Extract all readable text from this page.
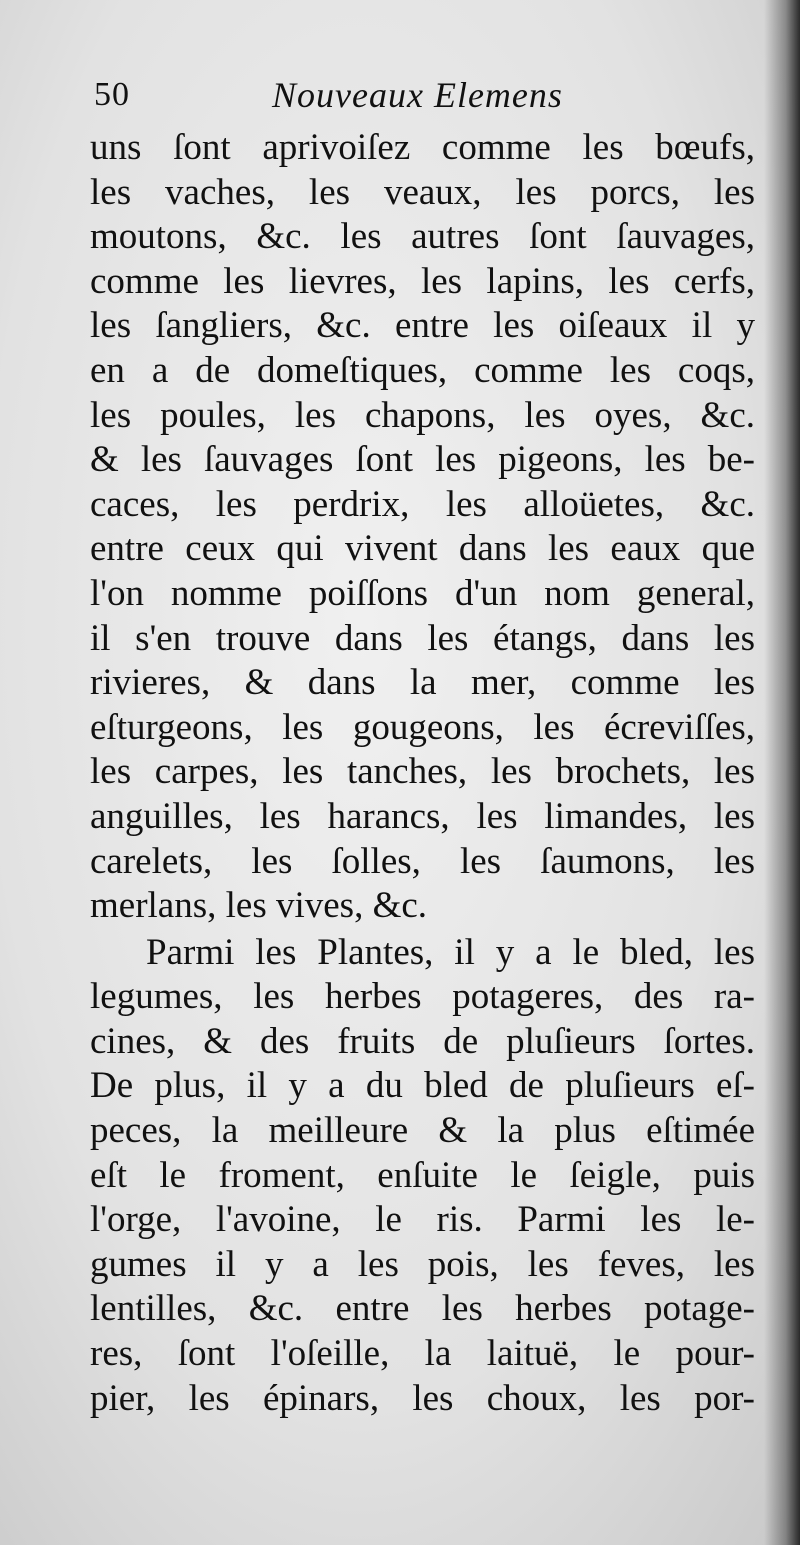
50	Nouveaux Elemens
uns ſont aprivoiſez comme les bœufs,
les vaches, les veaux, les porcs, les
moutons, &c. les autres ſont ſauvages,
comme les lievres, les lapins, les cerfs,
les ſangliers, &c. entre les oiſeaux il y
en a de domeſtiques, comme les coqs,
les poules, les chapons, les oyes, &c.
& les ſauvages ſont les pigeons, les be-
caces, les perdrix, les alloüetes, &c.
entre ceux qui vivent dans les eaux que
l'on nomme poiſſons d'un nom general,
il s'en trouve dans les étangs, dans les
rivieres, & dans la mer, comme les
eſturgeons, les gougeons, les écreviſſes,
les carpes, les tanches, les brochets, les
anguilles, les harancs, les limandes, les
carelets, les ſolles, les ſaumons, les
merlans, les vives, &c.
Parmi les Plantes, il y a le bled, les
legumes, les herbes potageres, des ra-
cines, & des fruits de pluſieurs ſortes.
De plus, il y a du bled de pluſieurs eſ-
peces, la meilleure & la plus eſtimée
eſt le froment, enſuite le ſeigle, puis
l'orge, l'avoine, le ris. Parmi les le-
gumes il y a les pois, les feves, les
lentilles, &c. entre les herbes potage-
res, ſont l'oſeille, la laituë, le pour-
pier, les épinars, les choux, les por-
